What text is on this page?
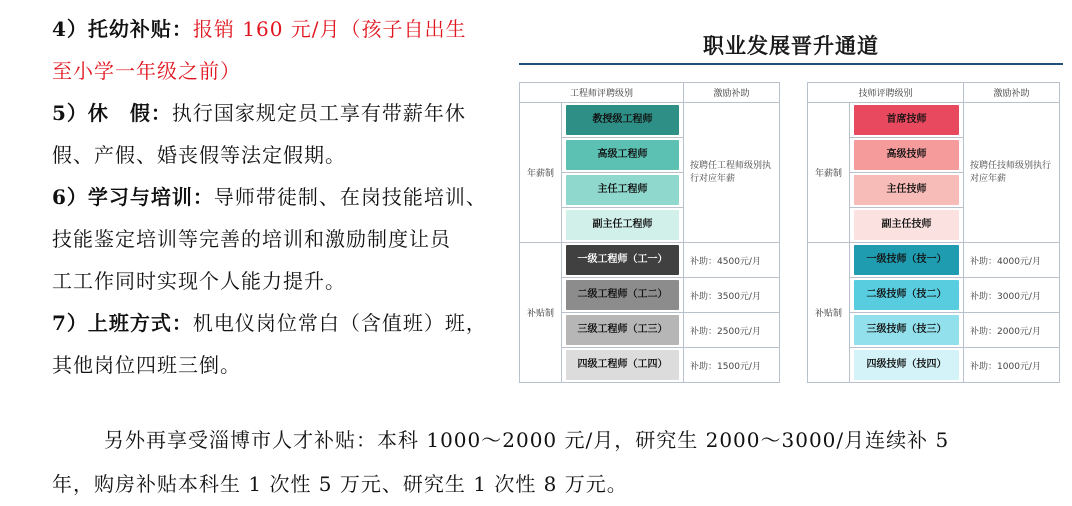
4）托幼补贴：报销 160 元/月（孩子自出生
至小学一年级之前）
5）休　假：执行国家规定员工享有带薪年休
假、产假、婚丧假等法定假期。
6）学习与培训：导师带徒制、在岗技能培训、
技能鉴定培训等完善的培训和激励制度让员
工工作同时实现个人能力提升。
7）上班方式：机电仪岗位常白（含值班）班，
其他岗位四班三倒。
职业发展晋升通道
工程师评聘级别		激励补助
年薪制	教授级工程师	按聘任工程师级别执行对应年薪

	高级工程师	

	主任工程师	

	副主任工程师	

补贴制	一级工程师（工一）	补助：4500元/月

	二级工程师（工二）	补助：3500元/月

	三级工程师（工三）	补助：2500元/月

	四级工程师（工四）	补助：1500元/月
技师评聘级别		激励补助
年薪制	首席技师	按聘任技师级别执行对应年薪

	高级技师	

	主任技师	

	副主任技师	

补贴制	一级技师（技一）	补助：4000元/月

	二级技师（技二）	补助：3000元/月

	三级技师（技三）	补助：2000元/月

	四级技师（技四）	补助：1000元/月
另外再享受淄博市人才补贴：本科 1000～2000 元/月，研究生 2000～3000/月连续补 5
年，购房补贴本科生 1 次性 5 万元、研究生 1 次性 8 万元。
